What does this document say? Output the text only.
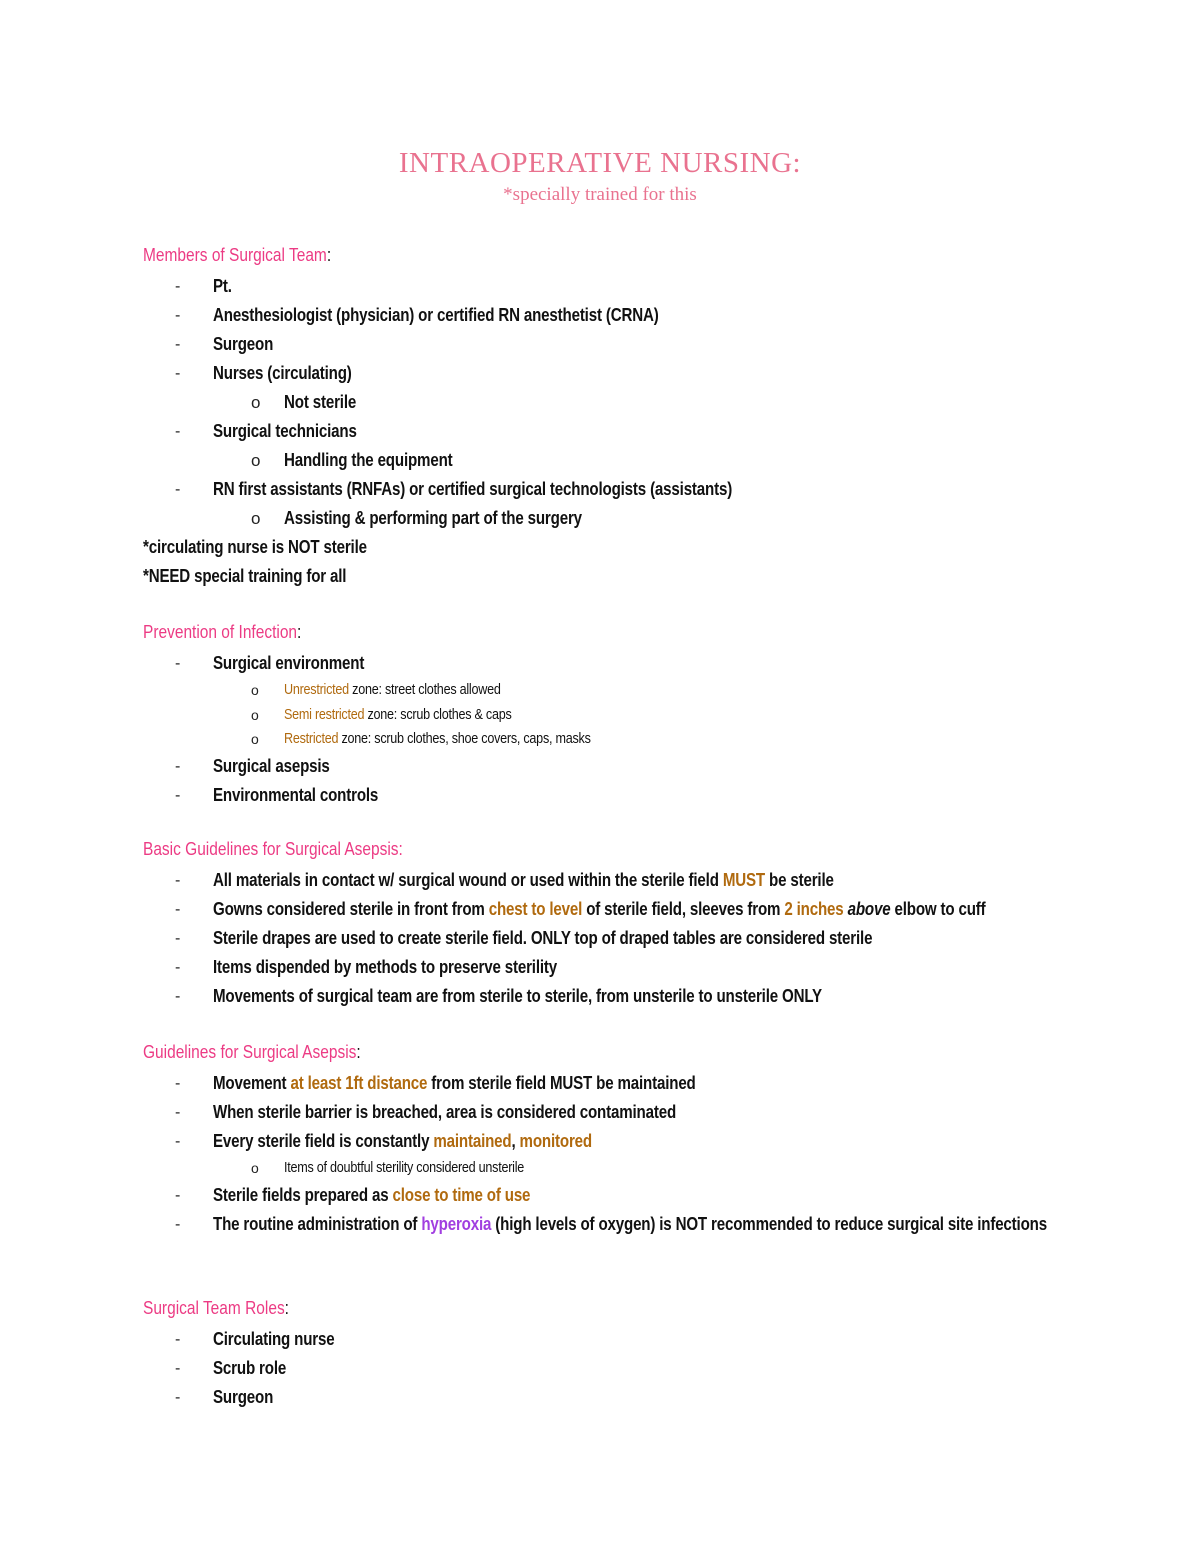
INTRAOPERATIVE NURSING:
*specially trained for this
Members of Surgical Team:
- Pt.
- Anesthesiologist (physician) or certified RN anesthetist (CRNA)
- Surgeon
- Nurses (circulating)
o Not sterile
- Surgical technicians
o Handling the equipment
- RN first assistants (RNFAs) or certified surgical technologists (assistants)
o Assisting & performing part of the surgery
*circulating nurse is NOT sterile
*NEED special training for all
Prevention of Infection:
- Surgical environment
o Unrestricted zone: street clothes allowed
o Semi restricted zone: scrub clothes & caps
o Restricted zone: scrub clothes, shoe covers, caps, masks
- Surgical asepsis
- Environmental controls
Basic Guidelines for Surgical Asepsis:
- All materials in contact w/ surgical wound or used within the sterile field MUST be sterile
- Gowns considered sterile in front from chest to level of sterile field, sleeves from 2 inches above elbow to cuff
- Sterile drapes are used to create sterile field. ONLY top of draped tables are considered sterile
- Items dispended by methods to preserve sterility
- Movements of surgical team are from sterile to sterile, from unsterile to unsterile ONLY
Guidelines for Surgical Asepsis:
- Movement at least 1ft distance from sterile field MUST be maintained
- When sterile barrier is breached, area is considered contaminated
- Every sterile field is constantly maintained, monitored
o Items of doubtful sterility considered unsterile
- Sterile fields prepared as close to time of use
- The routine administration of hyperoxia (high levels of oxygen) is NOT recommended to reduce surgical site infections
Surgical Team Roles:
- Circulating nurse
- Scrub role
- Surgeon
